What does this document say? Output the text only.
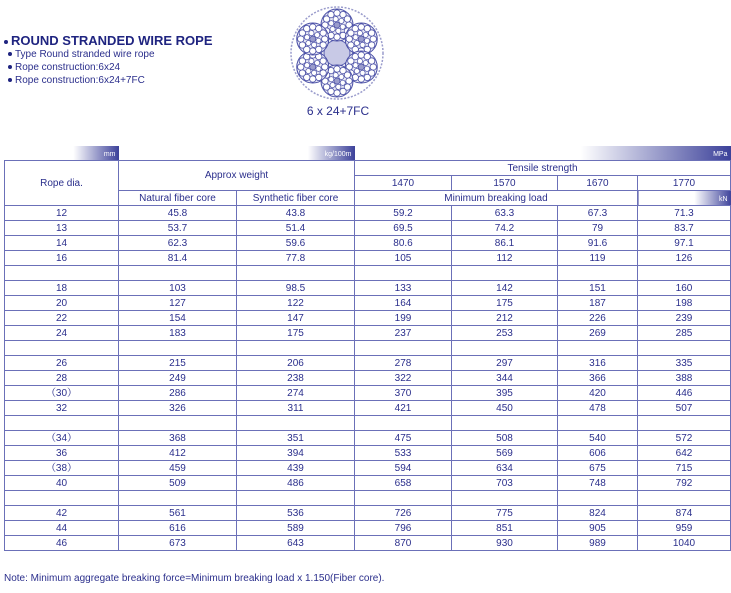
ROUND STRANDED WIRE ROPE
Type Round stranded wire rope
Rope construction:6x24
Rope construction:6x24+7FC
6 x 24+7FC
mm		kg/100m	MPa			

Rope dia.	Approx weight		Tensile strength			
			1470	1570	1670	1770
	Natural fiber core	Synthetic fiber core	Minimum breaking load			kN

12	45.8	43.8	59.2	63.3	67.3	71.3
13	53.7	51.4	69.5	74.2	79	83.7
14	62.3	59.6	80.6	86.1	91.6	97.1
16	81.4	77.8	105	112	119	126

18	103	98.5	133	142	151	160
20	127	122	164	175	187	198
22	154	147	199	212	226	239
24	183	175	237	253	269	285

26	215	206	278	297	316	335
28	249	238	322	344	366	388
（30）	286	274	370	395	420	446
32	326	311	421	450	478	507

（34）	368	351	475	508	540	572
36	412	394	533	569	606	642
（38）	459	439	594	634	675	715
40	509	486	658	703	748	792

42	561	536	726	775	824	874
44	616	589	796	851	905	959
46	673	643	870	930	989	1040
Note: Minimum aggregate breaking force=Minimum breaking load x 1.150(Fiber core).
